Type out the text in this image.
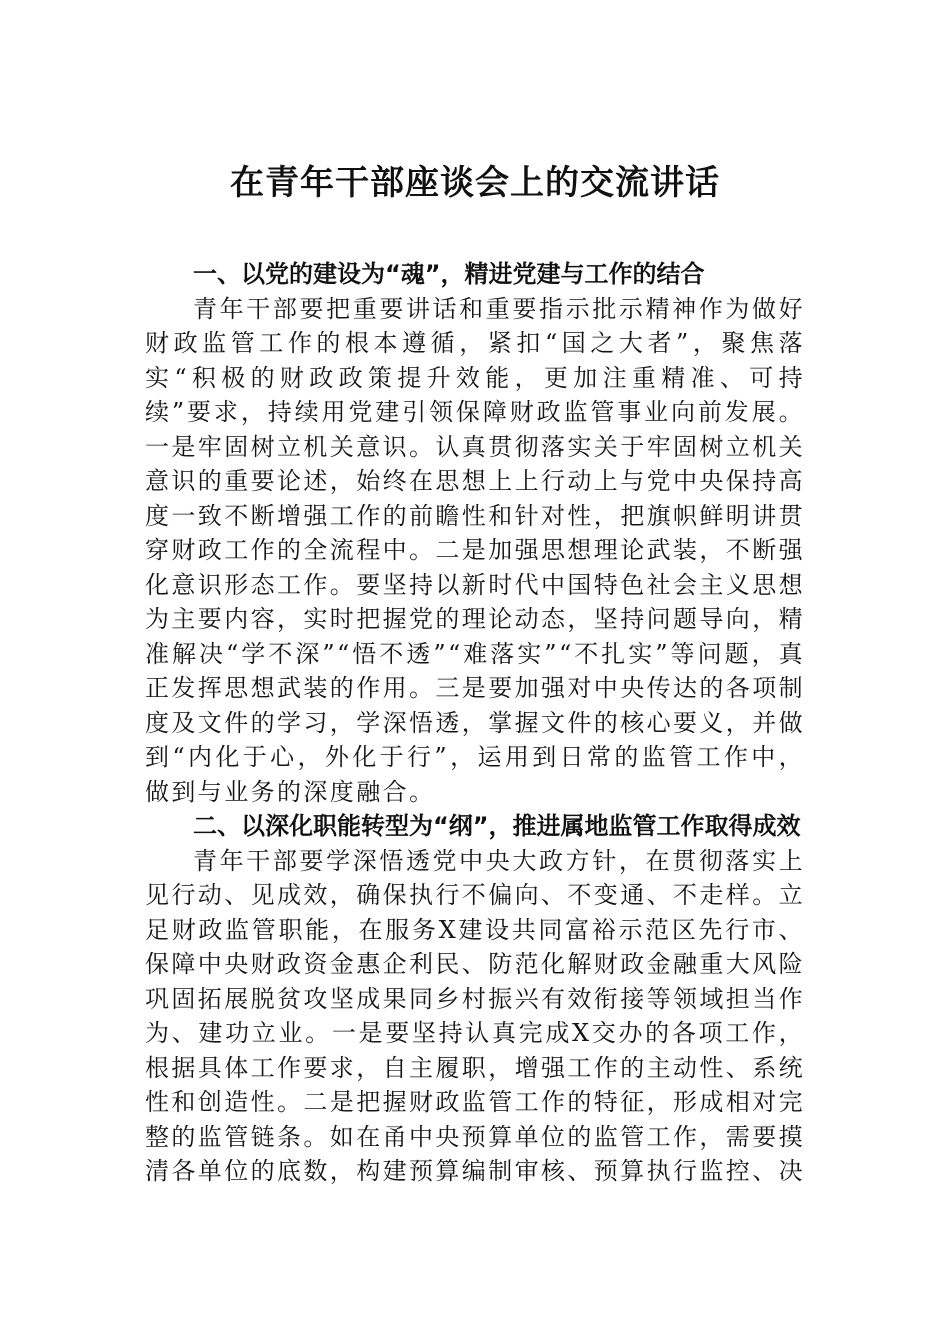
在青年干部座谈会上的交流讲话

一、以党的建设为“魂”，精进党建与工作的结合

青年干部要把重要讲话和重要指示批示精神作为做好财政监管工作的根本遵循，紧扣“国之大者”，聚焦落实“积极的财政政策提升效能，更加注重精准、可持续”要求，持续用党建引领保障财政监管事业向前发展。一是牢固树立机关意识。认真贯彻落实关于牢固树立机关意识的重要论述，始终在思想上上行动上与党中央保持高度一致不断增强工作的前瞻性和针对性，把旗帜鲜明讲贯穿财政工作的全流程中。二是加强思想理论武装，不断强化意识形态工作。要坚持以新时代中国特色社会主义思想为主要内容，实时把握党的理论动态，坚持问题导向，精准解决“学不深”“悟不透”“难落实”“不扎实”等问题，真正发挥思想武装的作用。三是要加强对中央传达的各项制度及文件的学习，学深悟透，掌握文件的核心要义，并做到“内化于心，外化于行”，运用到日常的监管工作中，做到与业务的深度融合。

二、以深化职能转型为“纲”，推进属地监管工作取得成效

青年干部要学深悟透党中央大政方针，在贯彻落实上见行动、见成效，确保执行不偏向、不变通、不走样。立足财政监管职能，在服务X建设共同富裕示范区先行市、保障中央财政资金惠企利民、防范化解财政金融重大风险巩固拓展脱贫攻坚成果同乡村振兴有效衔接等领域担当作为、建功立业。一是要坚持认真完成X交办的各项工作，根据具体工作要求，自主履职，增强工作的主动性、系统性和创造性。二是把握财政监管工作的特征，形成相对完整的监管链条。如在甬中央预算单位的监管工作，需要摸清各单位的底数，构建预算编制审核、预算执行监控、决
